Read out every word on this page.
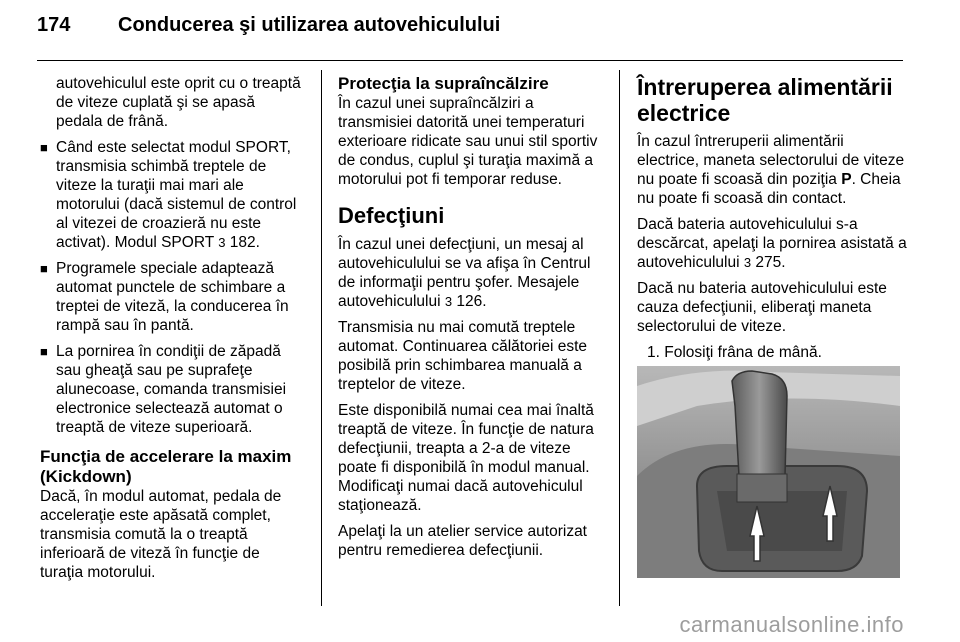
174 Conducerea şi utilizarea autovehiculului

autovehiculul este oprit cu o treaptă de viteze cuplată şi se apasă pedala de frână.

■ Când este selectat modul SPORT, transmisia schimbă treptele de viteze la turaţii mai mari ale motorului (dacă sistemul de control al vitezei de croazieră nu este activat). Modul SPORT 3 182.
■ Programele speciale adaptează automat punctele de schimbare a treptei de viteză, la conducerea în rampă sau în pantă.
■ La pornirea în condiţii de zăpadă sau gheaţă sau pe suprafeţe alunecoase, comanda transmisiei electronice selectează automat o treaptă de viteze superioară.
Funcţia de accelerare la maxim (Kickdown)

Dacă, în modul automat, pedala de acceleraţie este apăsată complet, transmisia comută la o treaptă inferioară de viteză în funcţie de turaţia motorului.

Protecţia la supraîncălzire

În cazul unei supraîncălziri a transmisiei datorită unei temperaturi exterioare ridicate sau unui stil sportiv de condus, cuplul şi turaţia maximă a motorului pot fi temporar reduse.

Defecţiuni

În cazul unei defecţiuni, un mesaj al autovehiculului se va afişa în Centrul de informaţii pentru şofer. Mesajele autovehiculului 3 126.

Transmisia nu mai comută treptele automat. Continuarea călătoriei este posibilă prin schimbarea manuală a treptelor de viteze.

Este disponibilă numai cea mai înaltă treaptă de viteze. În funcţie de natura defecţiunii, treapta a 2-a de viteze poate fi disponibilă în modul manual. Modificaţi numai dacă autovehiculul staţionează.

Apelaţi la un atelier service autorizat pentru remedierea defecţiunii.

Întreruperea alimentării electrice

În cazul întreruperii alimentării electrice, maneta selectorului de viteze nu poate fi scoasă din poziţia P. Cheia nu poate fi scoasă din contact.

Dacă bateria autovehiculului s-a descărcat, apelaţi la pornirea asistată a autovehiculului 3 275.

Dacă nu bateria autovehiculului este cauza defecţiunii, eliberaţi maneta selectorului de viteze.

1. Folosiţi frâna de mână.

carmanualsonline.info
